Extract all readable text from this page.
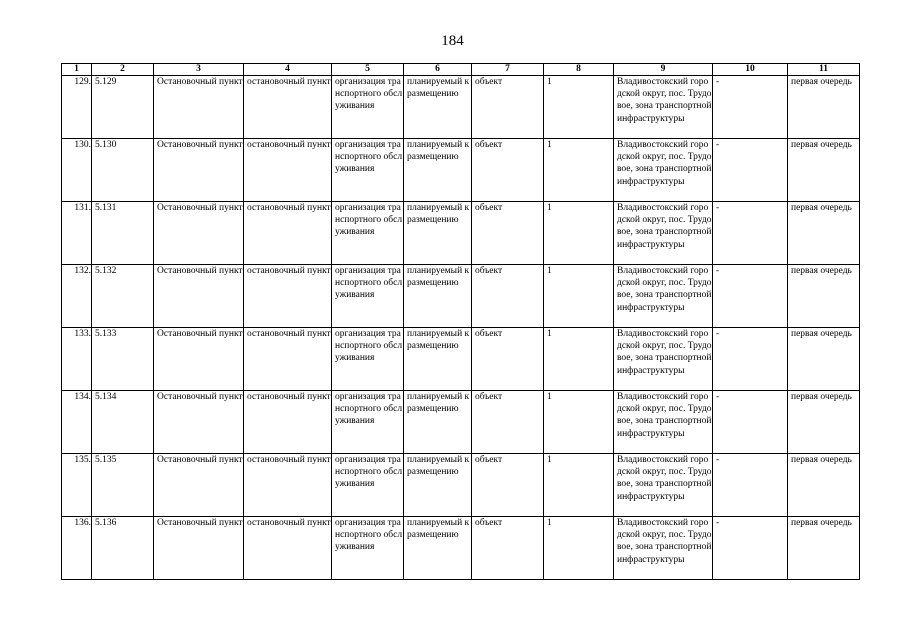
184
1	2	3	4	5	6	7	8	9	10	11
129.	5.129	Остановочный пункт	остановочный пункт	организация транспортного обслуживания	планируемый к размещению	объект	1	Владивостокский городской округ, пос. Трудовое, зона транспортной инфраструктуры	-	первая очередь
130.	5.130	Остановочный пункт	остановочный пункт	организация транспортного обслуживания	планируемый к размещению	объект	1	Владивостокский городской округ, пос. Трудовое, зона транспортной инфраструктуры	-	первая очередь
131.	5.131	Остановочный пункт	остановочный пункт	организация транспортного обслуживания	планируемый к размещению	объект	1	Владивостокский городской округ, пос. Трудовое, зона транспортной инфраструктуры	-	первая очередь
132.	5.132	Остановочный пункт	остановочный пункт	организация транспортного обслуживания	планируемый к размещению	объект	1	Владивостокский городской округ, пос. Трудовое, зона транспортной инфраструктуры	-	первая очередь
133.	5.133	Остановочный пункт	остановочный пункт	организация транспортного обслуживания	планируемый к размещению	объект	1	Владивостокский городской округ, пос. Трудовое, зона транспортной инфраструктуры	-	первая очередь
134.	5.134	Остановочный пункт	остановочный пункт	организация транспортного обслуживания	планируемый к размещению	объект	1	Владивостокский городской округ, пос. Трудовое, зона транспортной инфраструктуры	-	первая очередь
135.	5.135	Остановочный пункт	остановочный пункт	организация транспортного обслуживания	планируемый к размещению	объект	1	Владивостокский городской округ, пос. Трудовое, зона транспортной инфраструктуры	-	первая очередь
136.	5.136	Остановочный пункт	остановочный пункт	организация транспортного обслуживания	планируемый к размещению	объект	1	Владивостокский городской округ, пос. Трудовое, зона транспортной инфраструктуры	-	первая очередь
